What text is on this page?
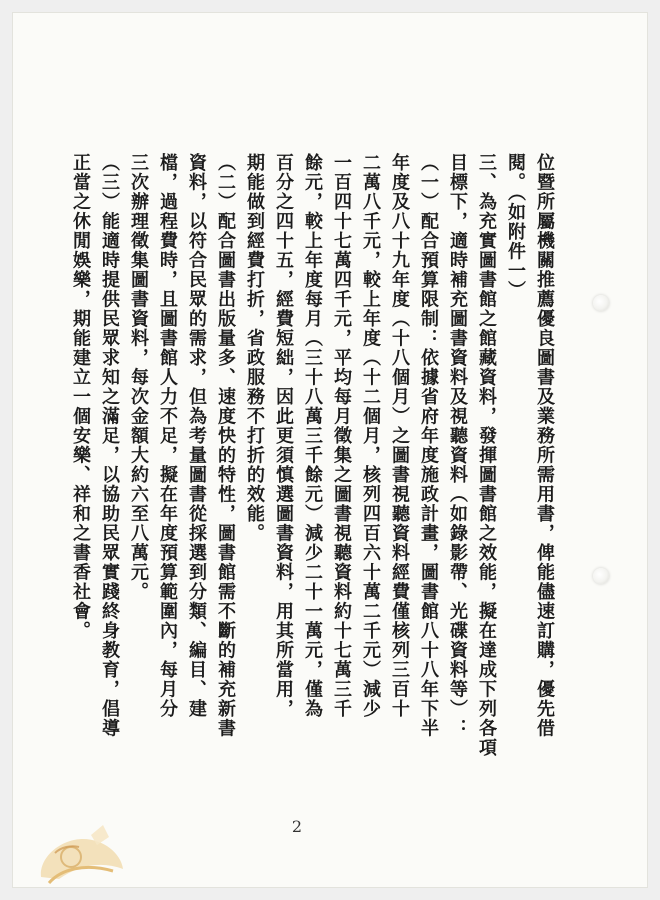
位暨所屬機關推薦優良圖書及業務所需用書，俾能儘速訂購，優先借
閱。（如附件一）
三、為充實圖書館之館藏資料，發揮圖書館之效能，擬在達成下列各項
目標下，適時補充圖書資料及視聽資料（如錄影帶、光碟資料等）：
（一）配合預算限制：依據省府年度施政計畫，圖書館八十八年下半
年度及八十九年度（十八個月）之圖書視聽資料經費僅核列三百十
二萬八千元，較上年度（十二個月，核列四百六十萬二千元）減少
一百四十七萬四千元，平均每月徵集之圖書視聽資料約十七萬三千
餘元，較上年度每月（三十八萬三千餘元）減少二十一萬元，僅為
百分之四十五，經費短絀，因此更須慎選圖書資料，用其所當用，
期能做到經費打折，省政服務不打折的效能。
（二）配合圖書出版量多、速度快的特性，圖書館需不斷的補充新書
資料，以符合民眾的需求，但為考量圖書從採選到分類、編目、建
檔，過程費時，且圖書館人力不足，擬在年度預算範圍內，每月分
三次辦理徵集圖書資料，每次金額大約六至八萬元。
（三）能適時提供民眾求知之滿足，以協助民眾實踐終身教育，倡導
正當之休閒娛樂，期能建立一個安樂、祥和之書香社會。
2
